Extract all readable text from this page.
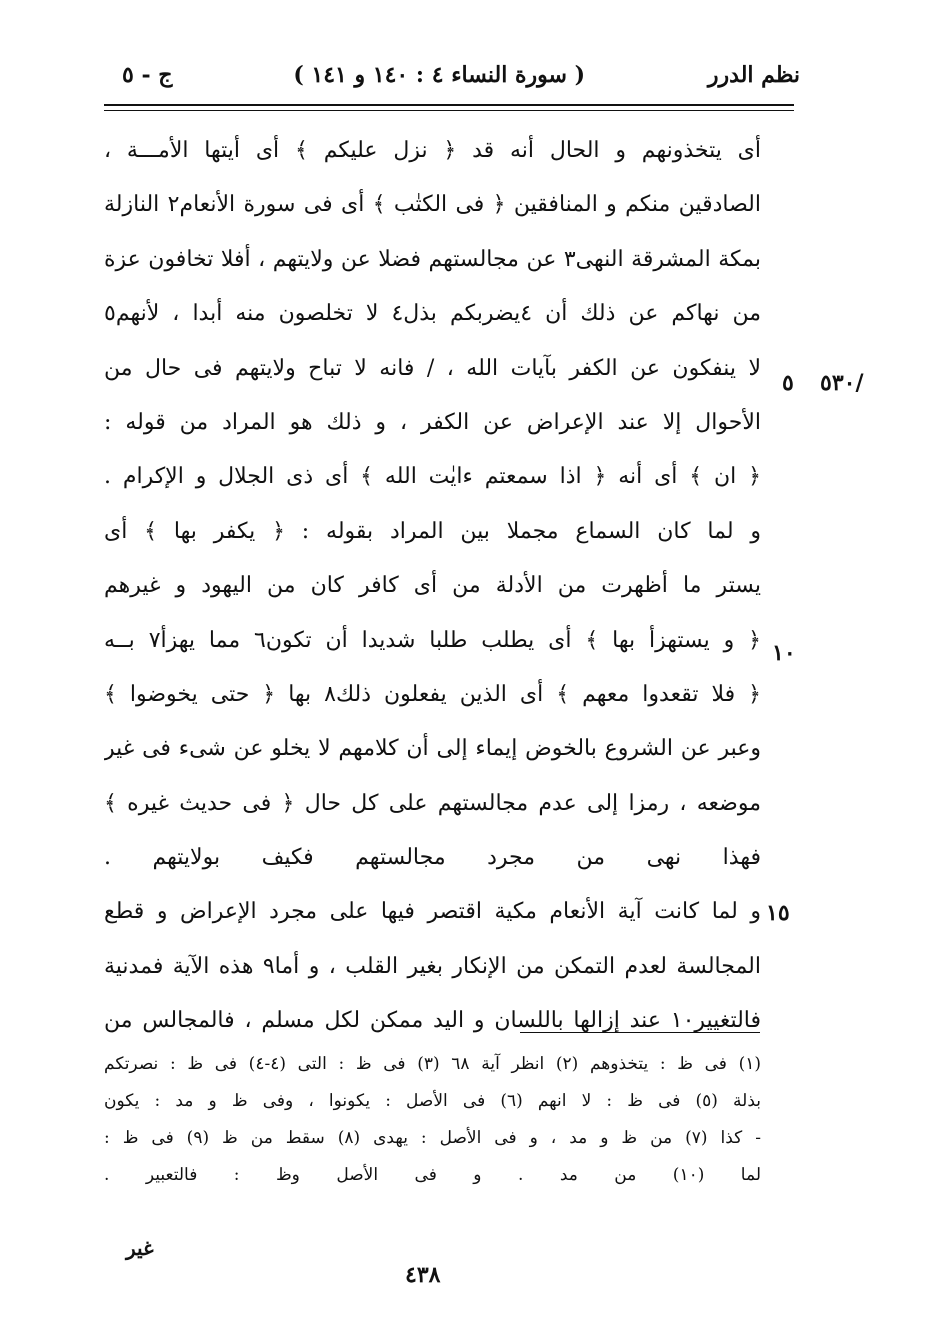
نظم الدرر
( سورة النساء ٤ : ١٤٠ و ١٤١ )
ج - ٥
أى يتخذونهم و الحال أنه قد ﴿ نزل عليكم ﴾ أى أيتها الأمـــة ،
الصادقين منكم و المنافقين ﴿ فى الكتٰب ﴾ أى فى سورة الأنعام٢ النازلة
بمكة المشرقة النهى٣ عن مجالستهم فضلا عن ولايتهم ، أفلا تخافون عزة
من نهاكم عن ذلك أن ٤يضربكم بذل٤ لا تخلصون منه أبدا ، لأنهم٥
لا ينفكون عن الكفر بآيات الله ، / فانه لا تباح ولايتهم فى حال من
الأحوال إلا عند الإعراض عن الكفر ، و ذلك هو المراد من قوله :
﴿ ان ﴾ أى أنه ﴿ اذا سمعتم ءايٰت الله ﴾ أى ذى الجلال و الإكرام .
و لما كان السماع مجملا بين المراد بقوله : ﴿ يكفر بها ﴾ أى
يستر ما أظهرت من الأدلة من أى كافر كان من اليهود و غيرهم
﴿ و يستهزأ بها ﴾ أى يطلب طلبا شديدا أن تكون٦ مما يهزأ٧ بــه
﴿ فلا تقعدوا معهم ﴾ أى الذين يفعلون ذلك٨ بها ﴿ حتى يخوضوا ﴾
وعبر عن الشروع بالخوض إيماء إلى أن كلامهم لا يخلو عن شىء فى غير
موضعه ، رمزا إلى عدم مجالستهم على كل حال ﴿ فى حديث غيره ﴾
فهذا نهى من مجرد مجالستهم فكيف بولايتهم .
و لما كانت آية الأنعام مكية اقتصر فيها على مجرد الإعراض و قطع
المجالسة لعدم التمكن من الإنكار بغير القلب ، و أما٩ هذه الآية فمدنية
فالتغيير١٠ عند إزالها باللسان و اليد ممكن لكل مسلم ، فالمجالس من
٥٣٠/
٥
١٠
١٥
(١) فى ظ : يتخذوهم (٢) انظر آية ٦٨ (٣) فى ظ : التى (٤-٤) فى ظ : نصرتكم
بذلة (٥) فى ظ : لا انهم (٦) فى الأصل : يكونوا ، وفى ظ و مد : يكون
- كذا (٧) من ظ و مد ، و فى الأصل : يهدى (٨) سقط من ظ (٩) فى ظ :
لما (١٠) من مد . و فى الأصل وظ : فالتعبير .
غير
٤٣٨
